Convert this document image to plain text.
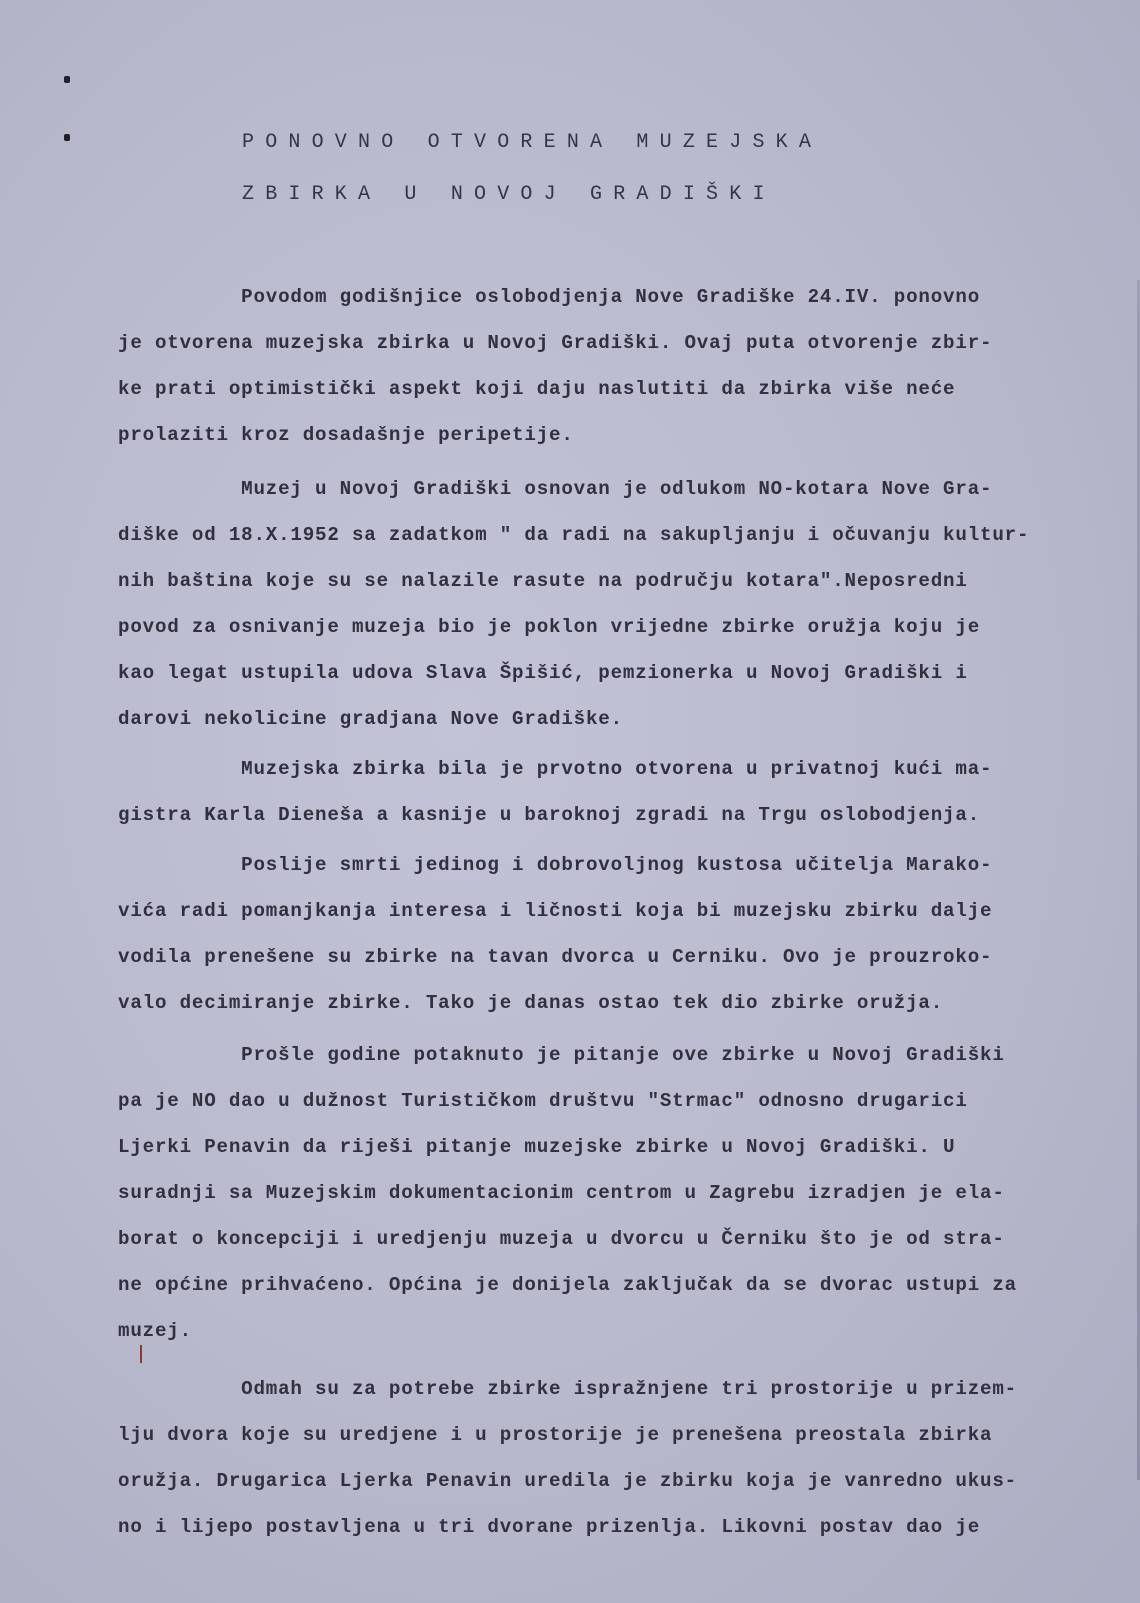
PONOVNO OTVORENA MUZEJSKA
ZBIRKA U NOVOJ GRADIŠKI
Povodom godišnjice oslobodjenja Nove Gradiške 24.IV. ponovno
je otvorena muzejska zbirka u Novoj Gradiški. Ovaj puta otvorenje zbir-
ke prati optimistički aspekt koji daju naslutiti da zbirka više neće
prolaziti kroz dosadašnje peripetije.
Muzej u Novoj Gradiški osnovan je odlukom NO-kotara Nove Gra-
diške od 18.X.1952 sa zadatkom " da radi na sakupljanju i očuvanju kultur-
nih baština koje su se nalazile rasute na području kotara".Neposredni
povod za osnivanje muzeja bio je poklon vrijedne zbirke oružja koju je
kao legat ustupila udova Slava Špišić, pemzionerka u Novoj Gradiški i
darovi nekolicine gradjana Nove Gradiške.
Muzejska zbirka bila je prvotno otvorena u privatnoj kući ma-
gistra Karla Dieneša a kasnije u baroknoj zgradi na Trgu oslobodjenja.
Poslije smrti jedinog i dobrovoljnog kustosa učitelja Marako-
vića radi pomanjkanja interesa i ličnosti koja bi muzejsku zbirku dalje
vodila prenešene su zbirke na tavan dvorca u Cerniku. Ovo je prouzroko-
valo decimiranje zbirke. Tako je danas ostao tek dio zbirke oružja.
Prošle godine potaknuto je pitanje ove zbirke u Novoj Gradiški
pa je NO dao u dužnost Turističkom društvu "Strmac" odnosno drugarici
Ljerki Penavin da riješi pitanje muzejske zbirke u Novoj Gradiški. U
suradnji sa Muzejskim dokumentacionim centrom u Zagrebu izradjen je ela-
borat o koncepciji i uredjenju muzeja u dvorcu u Černiku što je od stra-
ne općine prihvaćeno. Općina je donijela zaključak da se dvorac ustupi za
muzej.
Odmah su za potrebe zbirke ispražnjene tri prostorije u prizem-
lju dvora koje su uredjene i u prostorije je prenešena preostala zbirka
oružja. Drugarica Ljerka Penavin uredila je zbirku koja je vanredno ukus-
no i lijepo postavljena u tri dvorane prizenlja. Likovni postav dao je
